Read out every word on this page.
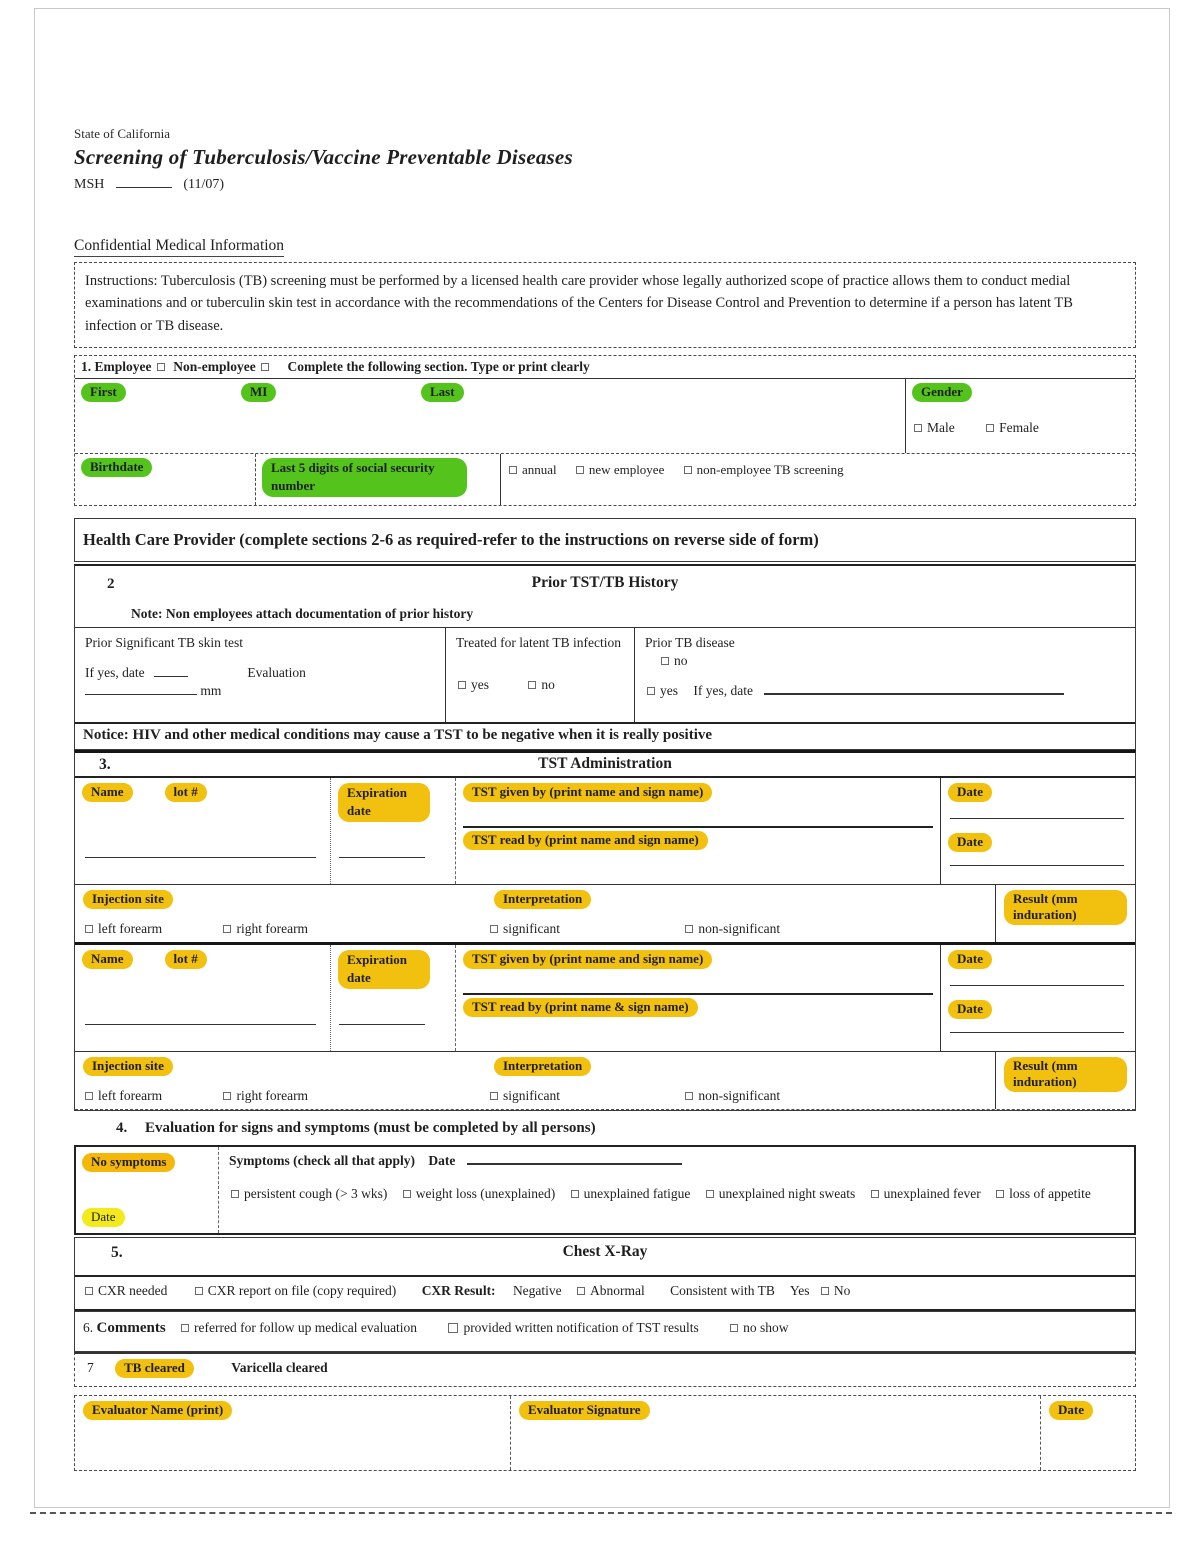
State of California
Screening of Tuberculosis/Vaccine Preventable Diseases
MSH	(11/07)
Confidential Medical Information
Instructions: Tuberculosis (TB) screening must be performed by a licensed health care provider whose legally authorized scope of practice allows them to conduct medial examinations and or tuberculin skin test in accordance with the recommendations of the Centers for Disease Control and Prevention to determine if a person has latent TB infection or TB disease.
1. Employee Non-employee Complete the following section. Type or print clearly
First	MI	Last	Gender
Male	Female
Birthdate	Last 5 digits of social security number
annual new employee non-employee TB screening
Health Care Provider (complete sections 2-6 as required-refer to the instructions on reverse side of form)
2	Prior TST/TB History
Note: Non employees attach documentation of prior history
Prior Significant TB skin test
If yes, date	Evaluation
mm
Treated for latent TB infection
yes	no
Prior TB disease
no
yes If yes, date
Notice: HIV and other medical conditions may cause a TST to be negative when it is really positive
3.	TST Administration
Name	lot #	Expiration date
TST given by (print name and sign name)
TST read by (print name and sign name)
Date
Date
Injection site
left forearm	right forearm
Interpretation
significant	non-significant
Result (mm induration)
Name	lot #	Expiration date
TST given by (print name and sign name)
TST read by (print name & sign name)
Date
Date
Injection site
left forearm	right forearm
Interpretation
significant	non-significant
Result (mm induration)
4. Evaluation for signs and symptoms (must be completed by all persons)
No symptoms
Date
Symptoms (check all that apply) Date
persistent cough (> 3 wks) weight loss (unexplained) unexplained fatigue unexplained night sweats unexplained fever loss of appetite
5.	Chest X-Ray
CXR needed	CXR report on file (copy required) CXR Result: Negative Abnormal Consistent with TB Yes No
6. Comments referred for follow up medical evaluation	provided written notification of TST results	no show
7 TB cleared	Varicella cleared
Evaluator Name (print)	Evaluator Signature	Date
